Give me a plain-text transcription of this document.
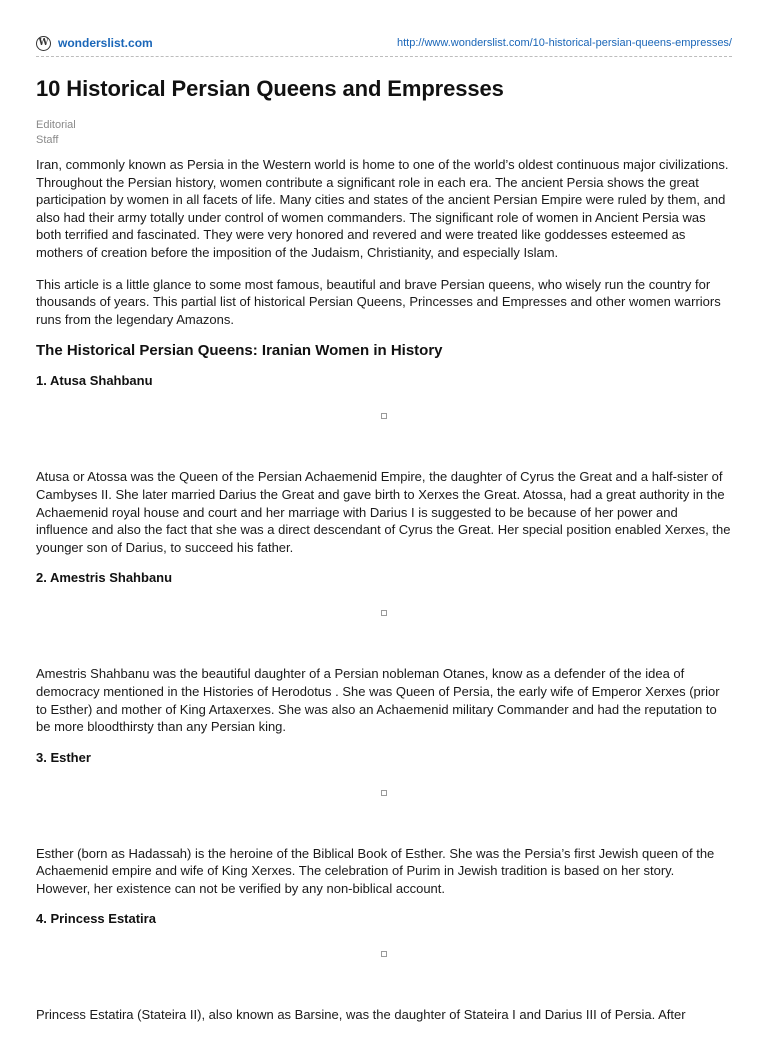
W wonderslist.com	http://www.wonderslist.com/10-historical-persian-queens-empresses/
10 Historical Persian Queens and Empresses
Editorial
Staff

Iran, commonly known as Persia in the Western world is home to one of the world’s oldest continuous major civilizations. Throughout the Persian history, women contribute a significant role in each era. The ancient Persia shows the great participation by women in all facets of life. Many cities and states of the ancient Persian Empire were ruled by them, and also had their army totally under control of women commanders. The significant role of women in Ancient Persia was both terrified and fascinated. They were very honored and revered and were treated like goddesses esteemed as mothers of creation before the imposition of the Judaism, Christianity, and especially Islam.

This article is a little glance to some most famous, beautiful and brave Persian queens, who wisely run the country for thousands of years. This partial list of historical Persian Queens, Princesses and Empresses and other women warriors runs from the legendary Amazons.

The Historical Persian Queens: Iranian Women in History
1. Atusa Shahbanu

Atusa or Atossa was the Queen of the Persian Achaemenid Empire, the daughter of Cyrus the Great and a half-sister of Cambyses II. She later married Darius the Great and gave birth to Xerxes the Great. Atossa, had a great authority in the Achaemenid royal house and court and her marriage with Darius I is suggested to be because of her power and influence and also the fact that she was a direct descendant of Cyrus the Great. Her special position enabled Xerxes, the younger son of Darius, to succeed his father.

2. Amestris Shahbanu

Amestris Shahbanu was the beautiful daughter of a Persian nobleman Otanes, know as a defender of the idea of democracy mentioned in the Histories of Herodotus . She was Queen of Persia, the early wife of Emperor Xerxes (prior to Esther) and mother of King Artaxerxes. She was also an Achaemenid military Commander and had the reputation to be more bloodthirsty than any Persian king.

3. Esther

Esther (born as Hadassah) is the heroine of the Biblical Book of Esther. She was the Persia’s first Jewish queen of the Achaemenid empire and wife of King Xerxes. The celebration of Purim in Jewish tradition is based on her story. However, her existence can not be verified by any non-biblical account.

4. Princess Estatira

Princess Estatira (Stateira II), also known as Barsine, was the daughter of Stateira I and Darius III of Persia. After
